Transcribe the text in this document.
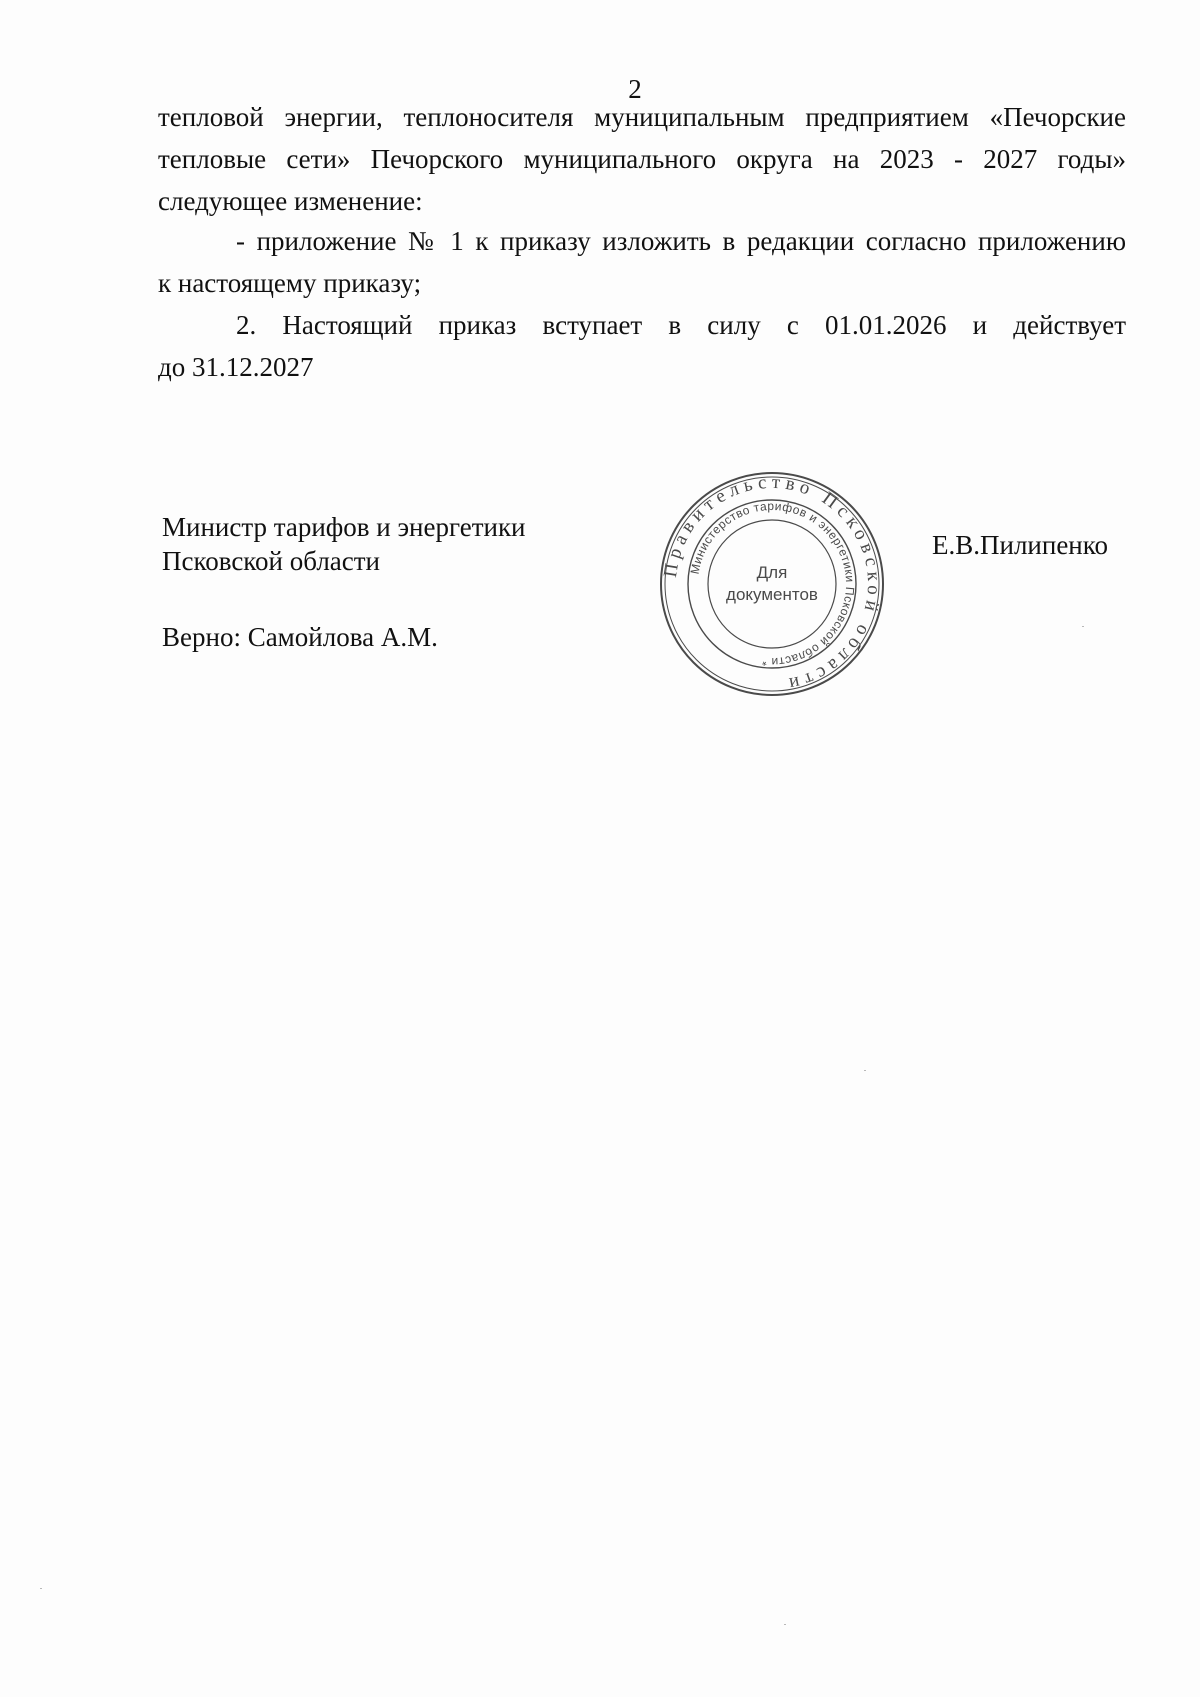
2

тепловой энергии, теплоносителя муниципальным предприятием «Печорские
тепловые сети» Печорского муниципального округа на 2023 - 2027 годы»
следующее изменение:

- приложение № 1 к приказу изложить в редакции согласно приложению
к настоящему приказу;

2. Настоящий приказ вступает в силу с 01.01.2026 и действует
до 31.12.2027

Министр тарифов и энергетики
Псковской области
Верно: Самойлова А.М.
Е.В.Пилипенко
Правительство Псковской области
Министерство тарифов и энергетики Псковской области *
Для
документов
